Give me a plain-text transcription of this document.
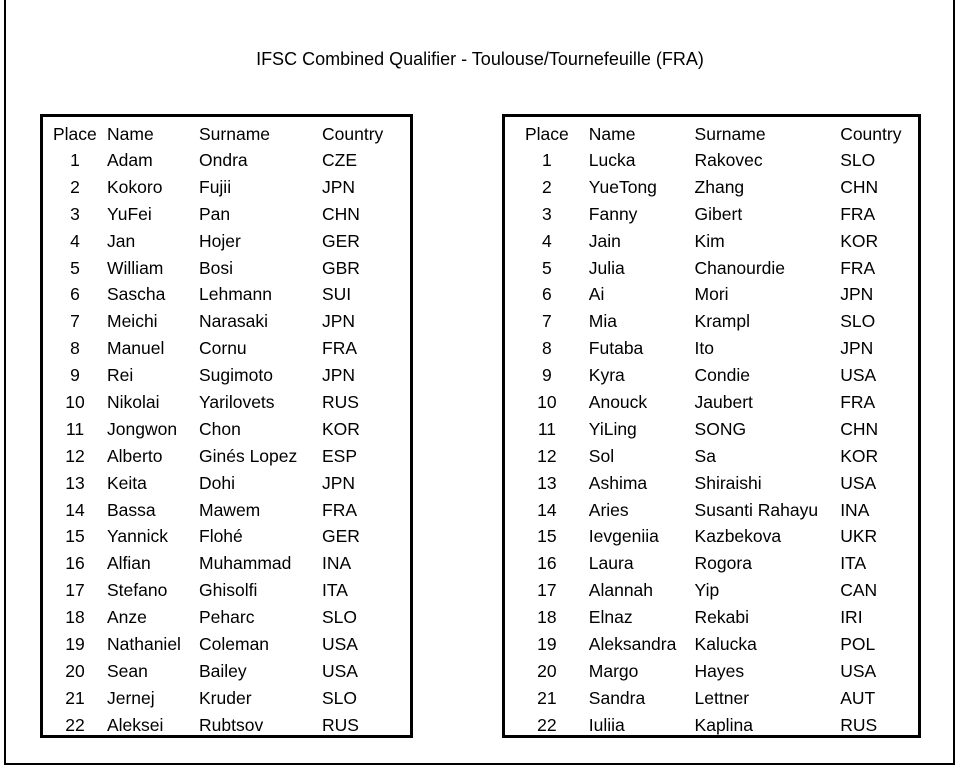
IFSC Combined Qualifier - Toulouse/Tournefeuille (FRA)
Place Name	Surname	Country
1	Adam	Ondra	CZE
2	Kokoro	Fujii	JPN
3	YuFei	Pan	CHN
4	Jan	Hojer	GER
5	William	Bosi	GBR
6	Sascha	Lehmann	SUI
7	Meichi	Narasaki	JPN
8	Manuel	Cornu	FRA
9	Rei	Sugimoto	JPN
10	Nikolai	Yarilovets	RUS
11	Jongwon	Chon	KOR
12	Alberto	Ginés Lopez	ESP
13	Keita	Dohi	JPN
14	Bassa	Mawem	FRA
15	Yannick	Flohé	GER
16	Alfian	Muhammad	INA
17	Stefano	Ghisolfi	ITA
18	Anze	Peharc	SLO
19	Nathaniel	Coleman	USA
20	Sean	Bailey	USA
21	Jernej	Kruder	SLO
22	Aleksei	Rubtsov	RUS
Place	Name	Surname	Country
1	Lucka	Rakovec	SLO
2	YueTong	Zhang	CHN
3	Fanny	Gibert	FRA
4	Jain	Kim	KOR
5	Julia	Chanourdie	FRA
6	Ai	Mori	JPN
7	Mia	Krampl	SLO
8	Futaba	Ito	JPN
9	Kyra	Condie	USA
10	Anouck	Jaubert	FRA
11	YiLing	SONG	CHN
12	Sol	Sa	KOR
13	Ashima	Shiraishi	USA
14	Aries	Susanti Rahayu	INA
15	Ievgeniia	Kazbekova	UKR
16	Laura	Rogora	ITA
17	Alannah	Yip	CAN
18	Elnaz	Rekabi	IRI
19	Aleksandra	Kalucka	POL
20	Margo	Hayes	USA
21	Sandra	Lettner	AUT
22	Iuliia	Kaplina	RUS
